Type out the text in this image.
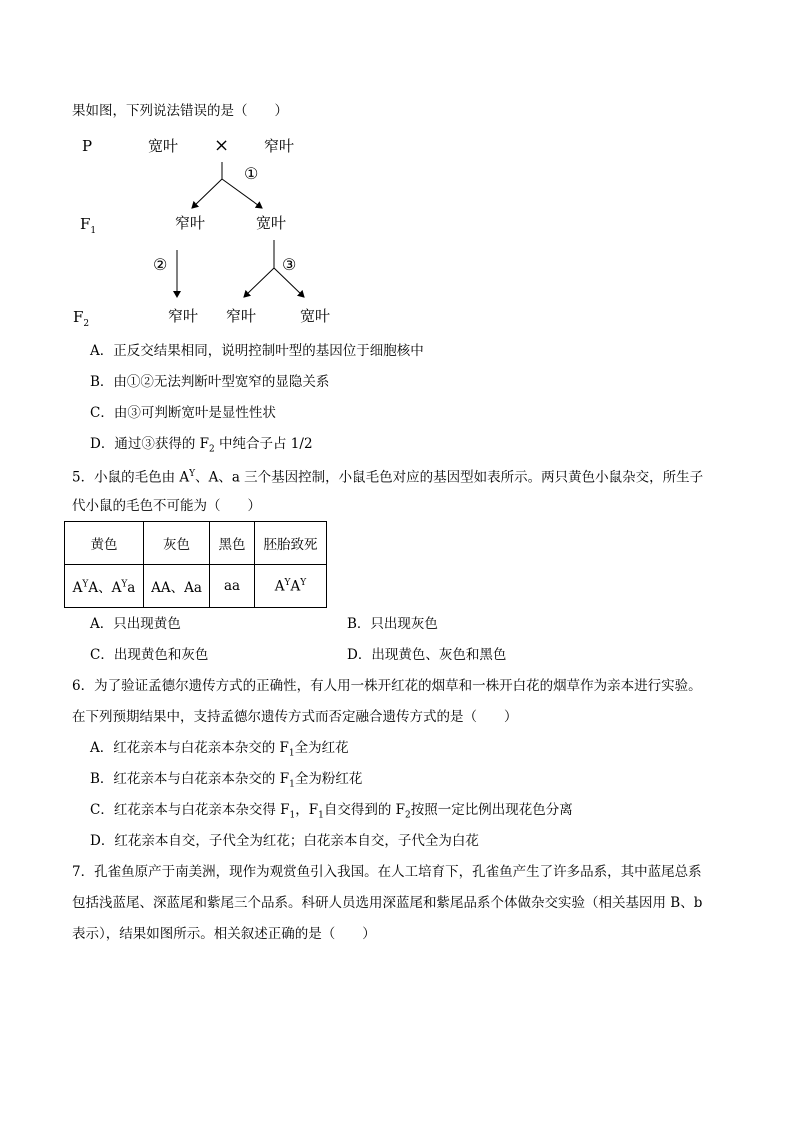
果如图，下列说法错误的是（　　）
P	宽叶 × 窄叶
①
$F_1$	窄叶	宽叶
②	③
$F_2$	窄叶 窄叶	宽叶
A．正反交结果相同，说明控制叶型的基因位于细胞核中
B．由①②无法判断叶型宽窄的显隐关系
C．由③可判断宽叶是显性性状
D．通过③获得的 $F_2$ 中纯合子占 1/2
5．小鼠的毛色由 $A^Y$、A、a 三个基因控制，小鼠毛色对应的基因型如表所示。两只黄色小鼠杂交，所生子
代小鼠的毛色不可能为（　　）
黄色	灰色	黑色	胚胎致死
$A^YA$、$A^Ya$	AA、Aa	aa	$A^YA^Y$
A．只出现黄色	B．只出现灰色
C．出现黄色和灰色	D．出现黄色、灰色和黑色
6．为了验证孟德尔遗传方式的正确性，有人用一株开红花的烟草和一株开白花的烟草作为亲本进行实验。
在下列预期结果中，支持孟德尔遗传方式而否定融合遗传方式的是（　　）
A．红花亲本与白花亲本杂交的 $F_1$全为红花
B．红花亲本与白花亲本杂交的 $F_1$全为粉红花
C．红花亲本与白花亲本杂交得 $F_1$，$F_1$自交得到的 $F_2$按照一定比例出现花色分离
D．红花亲本自交，子代全为红花；白花亲本自交，子代全为白花
7．孔雀鱼原产于南美洲，现作为观赏鱼引入我国。在人工培育下，孔雀鱼产生了许多品系，其中蓝尾总系
包括浅蓝尾、深蓝尾和紫尾三个品系。科研人员选用深蓝尾和紫尾品系个体做杂交实验（相关基因用 B、b
表示），结果如图所示。相关叙述正确的是（　　）
